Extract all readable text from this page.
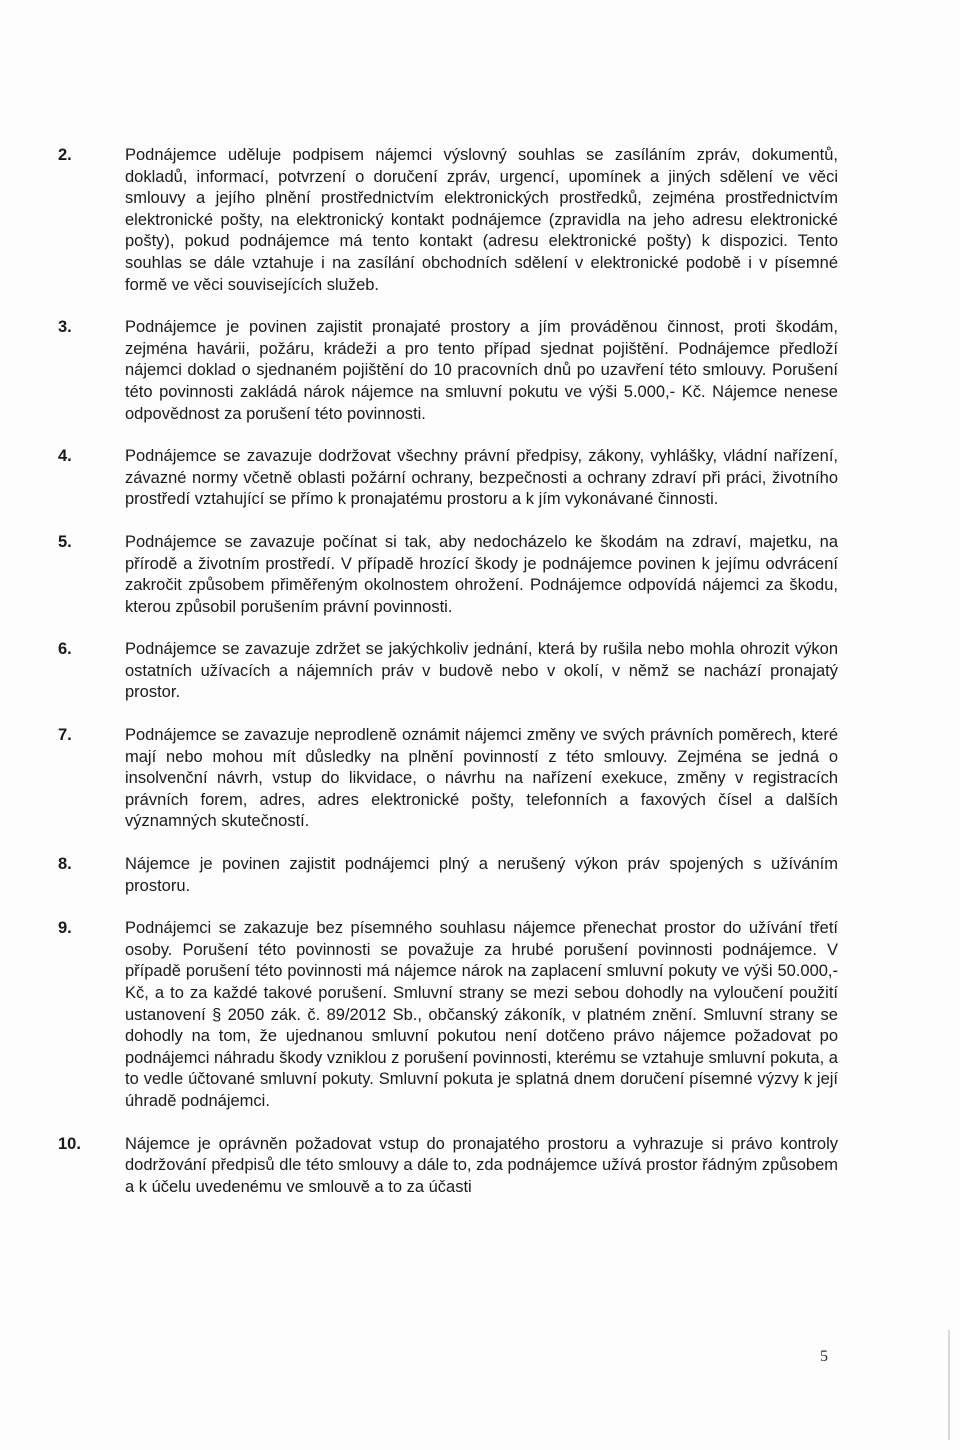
2.	Podnájemce uděluje podpisem nájemci výslovný souhlas se zasíláním zpráv, dokumentů, dokladů, informací, potvrzení o doručení zpráv, urgencí, upomínek a jiných sdělení ve věci smlouvy a jejího plnění prostřednictvím elektronických prostředků, zejména prostřednictvím elektronické pošty, na elektronický kontakt podnájemce (zpravidla na jeho adresu elektronické pošty), pokud podnájemce má tento kontakt (adresu elektronické pošty) k dispozici. Tento souhlas se dále vztahuje i na zasílání obchodních sdělení v elektronické podobě i v písemné formě ve věci souvisejících služeb.
3.	Podnájemce je povinen zajistit pronajaté prostory a jím prováděnou činnost, proti škodám, zejména havárii, požáru, krádeži a pro tento případ sjednat pojištění. Podnájemce předloží nájemci doklad o sjednaném pojištění do 10 pracovních dnů po uzavření této smlouvy. Porušení této povinnosti zakládá nárok nájemce na smluvní pokutu ve výši 5.000,- Kč. Nájemce nenese odpovědnost za porušení této povinnosti.
4.	Podnájemce se zavazuje dodržovat všechny právní předpisy, zákony, vyhlášky, vládní nařízení, závazné normy včetně oblasti požární ochrany, bezpečnosti a ochrany zdraví při práci, životního prostředí vztahující se přímo k pronajatému prostoru a k jím vykonávané činnosti.
5.	Podnájemce se zavazuje počínat si tak, aby nedocházelo ke škodám na zdraví, majetku, na přírodě a životním prostředí. V případě hrozící škody je podnájemce povinen k jejímu odvrácení zakročit způsobem přiměřeným okolnostem ohrožení. Podnájemce odpovídá nájemci za škodu, kterou způsobil porušením právní povinnosti.
6.	Podnájemce se zavazuje zdržet se jakýchkoliv jednání, která by rušila nebo mohla ohrozit výkon ostatních užívacích a nájemních práv v budově nebo v okolí, v němž se nachází pronajatý prostor.
7.	Podnájemce se zavazuje neprodleně oznámit nájemci změny ve svých právních poměrech, které mají nebo mohou mít důsledky na plnění povinností z této smlouvy. Zejména se jedná o insolvenční návrh, vstup do likvidace, o návrhu na nařízení exekuce, změny v registracích právních forem, adres, adres elektronické pošty, telefonních a faxových čísel a dalších významných skutečností.
8.	Nájemce je povinen zajistit podnájemci plný a nerušený výkon práv spojených s užíváním prostoru.
9.	Podnájemci se zakazuje bez písemného souhlasu nájemce přenechat prostor do užívání třetí osoby. Porušení této povinnosti se považuje za hrubé porušení povinnosti podnájemce. V případě porušení této povinnosti má nájemce nárok na zaplacení smluvní pokuty ve výši 50.000,- Kč, a to za každé takové porušení. Smluvní strany se mezi sebou dohodly na vyloučení použití ustanovení § 2050 zák. č. 89/2012 Sb., občanský zákoník, v platném znění. Smluvní strany se dohodly na tom, že ujednanou smluvní pokutou není dotčeno právo nájemce požadovat po podnájemci náhradu škody vzniklou z porušení povinnosti, kterému se vztahuje smluvní pokuta, a to vedle účtované smluvní pokuty. Smluvní pokuta je splatná dnem doručení písemné výzvy k její úhradě podnájemci.
10.	Nájemce je oprávněn požadovat vstup do pronajatého prostoru a vyhrazuje si právo kontroly dodržování předpisů dle této smlouvy a dále to, zda podnájemce užívá prostor řádným způsobem a k účelu uvedenému ve smlouvě a to za účasti
5
